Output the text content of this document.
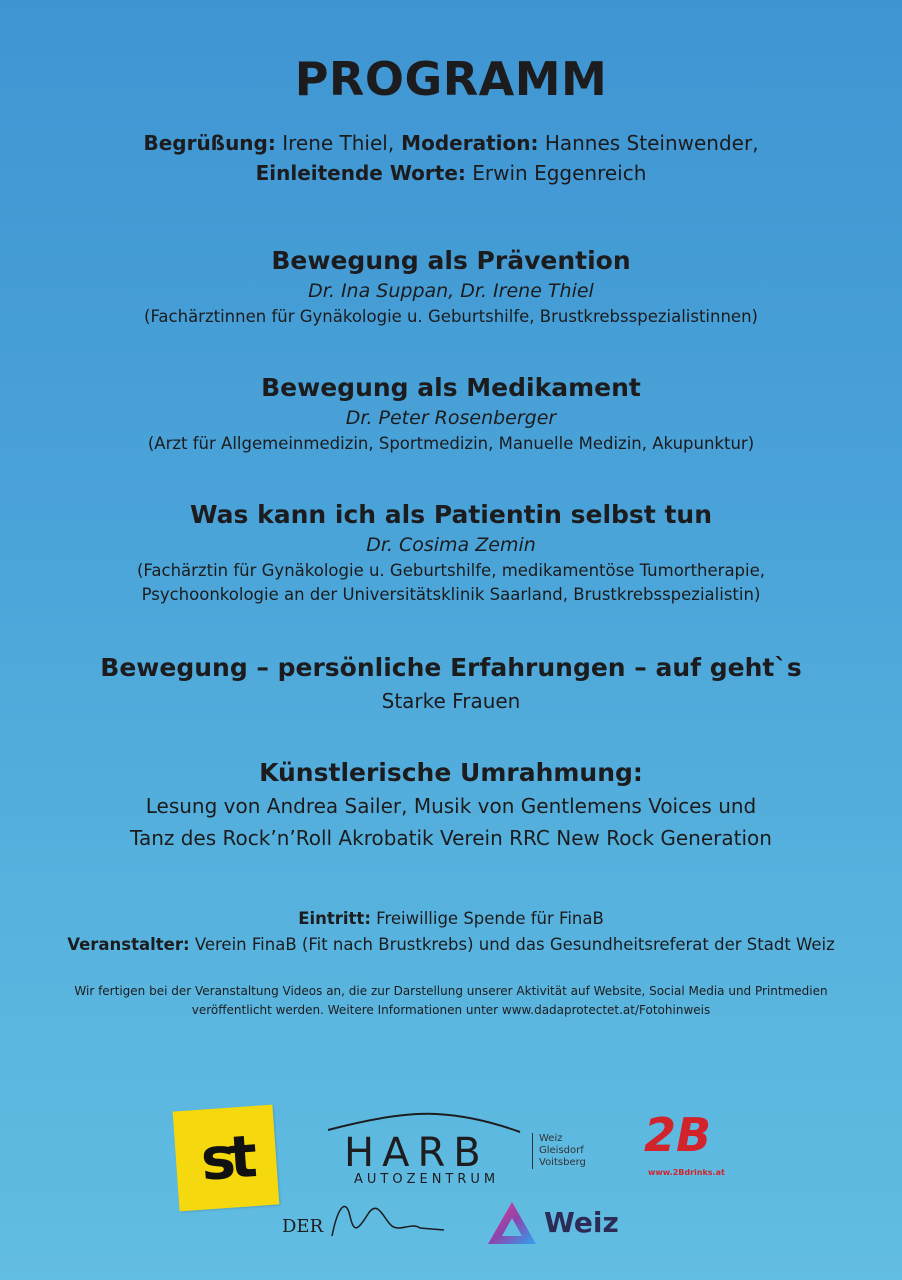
PROGRAMM
Begrüßung: Irene Thiel, Moderation: Hannes Steinwender,
Einleitende Worte: Erwin Eggenreich
Bewegung als Prävention
Dr. Ina Suppan, Dr. Irene Thiel
(Fachärztinnen für Gynäkologie u. Geburtshilfe, Brustkrebsspezialistinnen)
Bewegung als Medikament
Dr. Peter Rosenberger
(Arzt für Allgemeinmedizin, Sportmedizin, Manuelle Medizin, Akupunktur)
Was kann ich als Patientin selbst tun
Dr. Cosima Zemin
(Fachärztin für Gynäkologie u. Geburtshilfe, medikamentöse Tumortherapie,
Psychoonkologie an der Universitätsklinik Saarland, Brustkrebsspezialistin)
Bewegung – persönliche Erfahrungen – auf geht`s
Starke Frauen
Künstlerische Umrahmung:
Lesung von Andrea Sailer, Musik von Gentlemens Voices und
Tanz des Rock’n’Roll Akrobatik Verein RRC New Rock Generation
Eintritt: Freiwillige Spende für FinaB
Veranstalter: Verein FinaB (Fit nach Brustkrebs) und das Gesundheitsreferat der Stadt Weiz
Wir fertigen bei der Veranstaltung Videos an, die zur Darstellung unserer Aktivität auf Website, Social Media und Printmedien
veröffentlicht werden. Weitere Informationen unter www.dadaprotectet.at/Fotohinweis
st HARB
AUTOZENTRUM
Weiz
Gleisdorf
Voitsberg
2B
www.2Bdrinks.at
DER	Weiz
